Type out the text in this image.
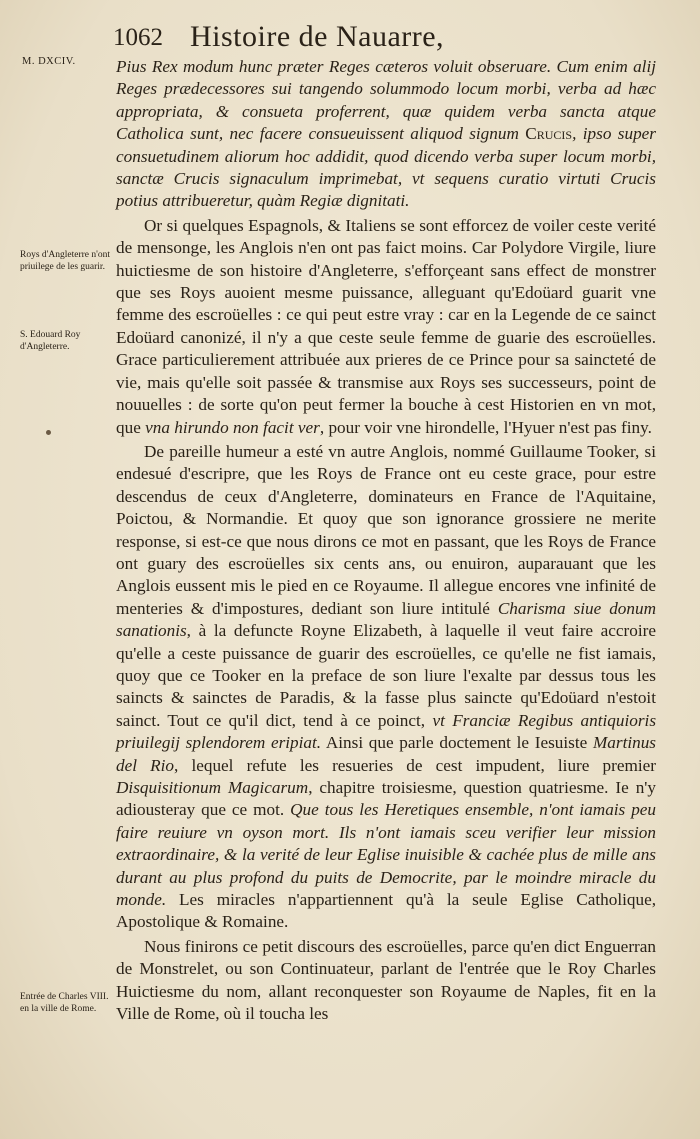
1062 Histoire de Nauarre,
M. DXCIV.
Roys d'Angleterre n'ont priuilege de les guarir.
S. Edouard Roy d'Angleterre.
Entrée de Charles VIII. en la ville de Rome.

Pius Rex modum hunc præter Reges cæteros voluit obseruare. Cum enim alij Reges prædecessores sui tangendo solummodo locum morbi, verba ad hæc appropriata, & consueta proferrent, quæ quidem verba sancta atque Catholica sunt, nec facere consueuissent aliquod signum Crucis, ipso super consuetudinem aliorum hoc addidit, quod dicendo verba super locum morbi, sanctæ Crucis signaculum imprimebat, vt sequens curatio virtuti Crucis potius attribueretur, quàm Regiæ dignitati.

Or si quelques Espagnols, & Italiens se sont efforcez de voiler ceste verité de mensonge, les Anglois n'en ont pas faict moins. Car Polydore Virgile, liure huictiesme de son histoire d'Angleterre, s'efforçeant sans effect de monstrer que ses Roys auoient mesme puissance, alleguant qu'Edoüard guarit vne femme des escroüelles : ce qui peut estre vray : car en la Legende de ce sainct Edoüard canonizé, il n'y a que ceste seule femme de guarie des escroüelles. Grace particulierement attribuée aux prieres de ce Prince pour sa saincteté de vie, mais qu'elle soit passée & transmise aux Roys ses successeurs, point de nouuelles : de sorte qu'on peut fermer la bouche à cest Historien en vn mot, que vna hirundo non facit ver, pour voir vne hirondelle, l'Hyuer n'est pas finy.

De pareille humeur a esté vn autre Anglois, nommé Guillaume Tooker, si endesué d'escripre, que les Roys de France ont eu ceste grace, pour estre descendus de ceux d'Angleterre, dominateurs en France de l'Aquitaine, Poictou, & Normandie. Et quoy que son ignorance grossiere ne merite response, si est-ce que nous dirons ce mot en passant, que les Roys de France ont guary des escroüelles six cents ans, ou enuiron, auparauant que les Anglois eussent mis le pied en ce Royaume. Il allegue encores vne infinité de menteries & d'impostures, dediant son liure intitulé Charisma siue donum sanationis, à la defuncte Royne Elizabeth, à laquelle il veut faire accroire qu'elle a ceste puissance de guarir des escroüelles, ce qu'elle ne fist iamais, quoy que ce Tooker en la preface de son liure l'exalte par dessus tous les saincts & sainctes de Paradis, & la fasse plus saincte qu'Edoüard n'estoit sainct. Tout ce qu'il dict, tend à ce poinct, vt Franciæ Regibus antiquioris priuilegij splendorem eripiat. Ainsi que parle doctement le Iesuiste Martinus del Rio, lequel refute les resueries de cest impudent, liure premier Disquisitionum Magicarum, chapitre troisiesme, question quatriesme. Ie n'y adiousteray que ce mot. Que tous les Heretiques ensemble, n'ont iamais peu faire reuiure vn oyson mort. Ils n'ont iamais sceu verifier leur mission extraordinaire, & la verité de leur Eglise inuisible & cachée plus de mille ans durant au plus profond du puits de Democrite, par le moindre miracle du monde. Les miracles n'appartiennent qu'à la seule Eglise Catholique, Apostolique & Romaine.

Nous finirons ce petit discours des escroüelles, parce qu'en dict Enguerran de Monstrelet, ou son Continuateur, parlant de l'entrée que le Roy Charles Huictiesme du nom, allant reconquester son Royaume de Naples, fit en la Ville de Rome, où il toucha les
